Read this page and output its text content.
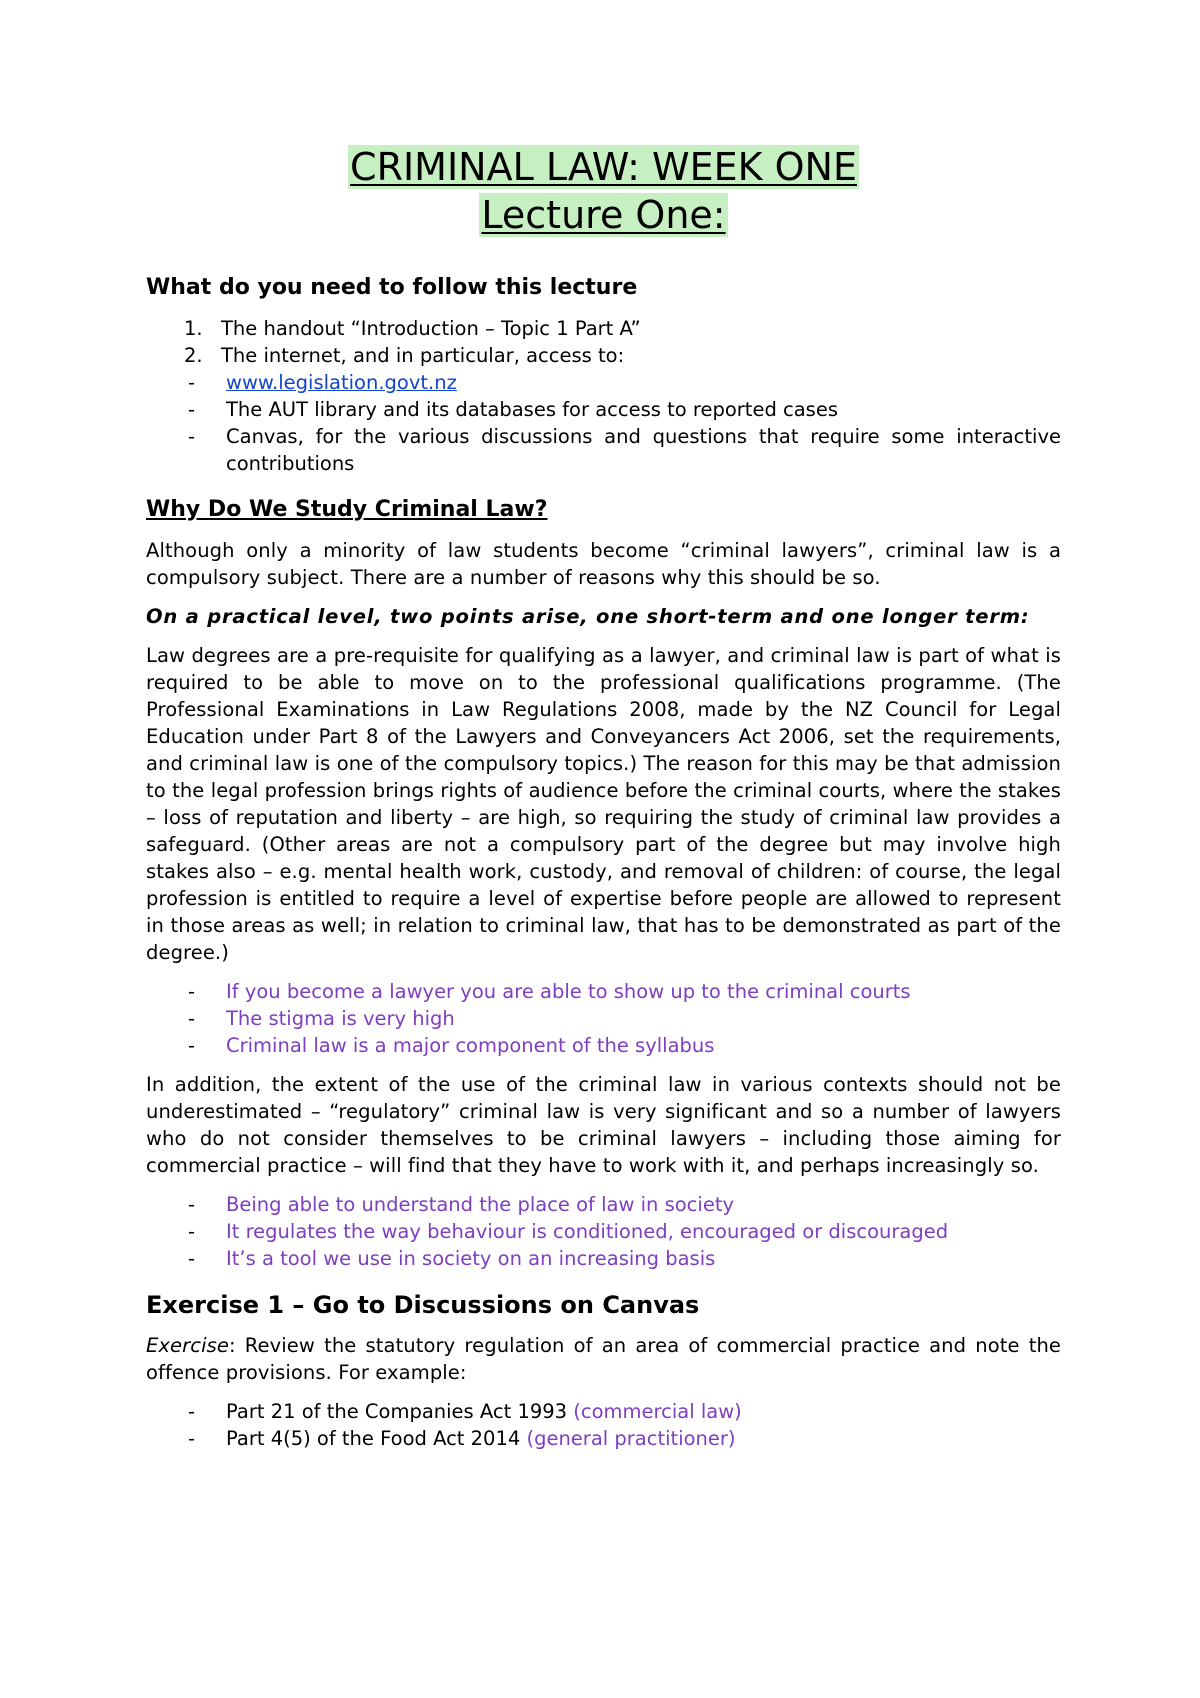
CRIMINAL LAW: WEEK ONE
Lecture One:
What do you need to follow this lecture
1. The handout “Introduction – Topic 1 Part A”
2. The internet, and in particular, access to:
- www.legislation.govt.nz
- The AUT library and its databases for access to reported cases
- Canvas, for the various discussions and questions that require some interactive contributions
Why Do We Study Criminal Law?

Although only a minority of law students become “criminal lawyers”, criminal law is a compulsory subject. There are a number of reasons why this should be so.

On a practical level, two points arise, one short-term and one longer term:

Law degrees are a pre-requisite for qualifying as a lawyer, and criminal law is part of what is required to be able to move on to the professional qualifications programme. (The Professional Examinations in Law Regulations 2008, made by the NZ Council for Legal Education under Part 8 of the Lawyers and Conveyancers Act 2006, set the requirements, and criminal law is one of the compulsory topics.) The reason for this may be that admission to the legal profession brings rights of audience before the criminal courts, where the stakes – loss of reputation and liberty – are high, so requiring the study of criminal law provides a safeguard. (Other areas are not a compulsory part of the degree but may involve high stakes also – e.g. mental health work, custody, and removal of children: of course, the legal profession is entitled to require a level of expertise before people are allowed to represent in those areas as well; in relation to criminal law, that has to be demonstrated as part of the degree.)

- If you become a lawyer you are able to show up to the criminal courts
- The stigma is very high
- Criminal law is a major component of the syllabus

In addition, the extent of the use of the criminal law in various contexts should not be underestimated – “regulatory” criminal law is very significant and so a number of lawyers who do not consider themselves to be criminal lawyers – including those aiming for commercial practice – will find that they have to work with it, and perhaps increasingly so.

- Being able to understand the place of law in society
- It regulates the way behaviour is conditioned, encouraged or discouraged
- It’s a tool we use in society on an increasing basis
Exercise 1 – Go to Discussions on Canvas

Exercise: Review the statutory regulation of an area of commercial practice and note the offence provisions. For example:

- Part 21 of the Companies Act 1993 (commercial law)
- Part 4(5) of the Food Act 2014 (general practitioner)
